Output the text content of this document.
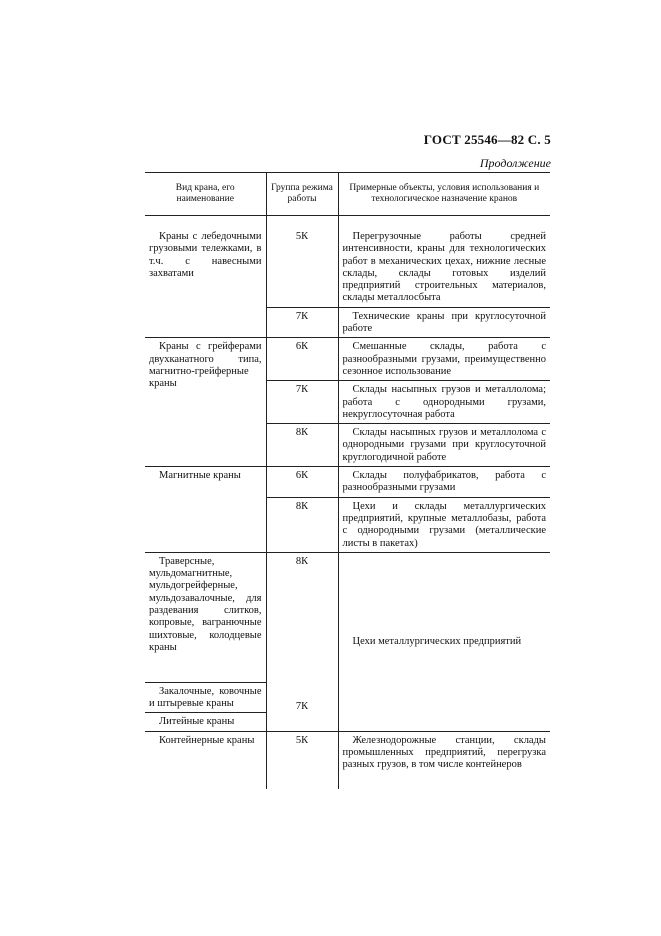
ГОСТ 25546—82 С. 5
Продолжение
Вид крана, его наименование	Группа режима работы	Примерные объекты, условия использования и технологическое назначение кранов

Краны с лебедочными грузовыми тележками, в т.ч. с навесными захватами	5К	Перегрузочные работы средней интенсивности, краны для технологических работ в механических цехах, нижние лесные склады, склады готовых изделий предприятий строительных материалов, склады металлосбыта
	7К	Технические краны при круглосуточной работе
Краны с грейферами двухканатного типа, магнитно-грейферные краны	6К	Смешанные склады, работа с разнообразными грузами, преимущественно сезонное использование
	7К	Склады насыпных грузов и металлолома; работа с однородными грузами, некруглосуточная работа
	8К	Склады насыпных грузов и металлолома с однородными грузами при круглосуточной круглогодичной работе
Магнитные краны	6К	Склады полуфабрикатов, работа с разнообразными грузами
	8К	Цехи и склады металлургических предприятий, крупные металлобазы, работа с однородными грузами (металлические листы в пакетах)
Траверсные, мульдомагнитные, мульдогрейферные, мульдозавалочные, для раздевания слитков, копровые, вагранючные шихтовые, колодцевые краны	8К	Цехи металлургических предприятий
Закалочные, ковочные и штыревые краны	7К	
Литейные краны		
Контейнерные краны	5К	Железнодорожные станции, склады промышленных предприятий, перегрузка разных грузов, в том числе контейнеров
